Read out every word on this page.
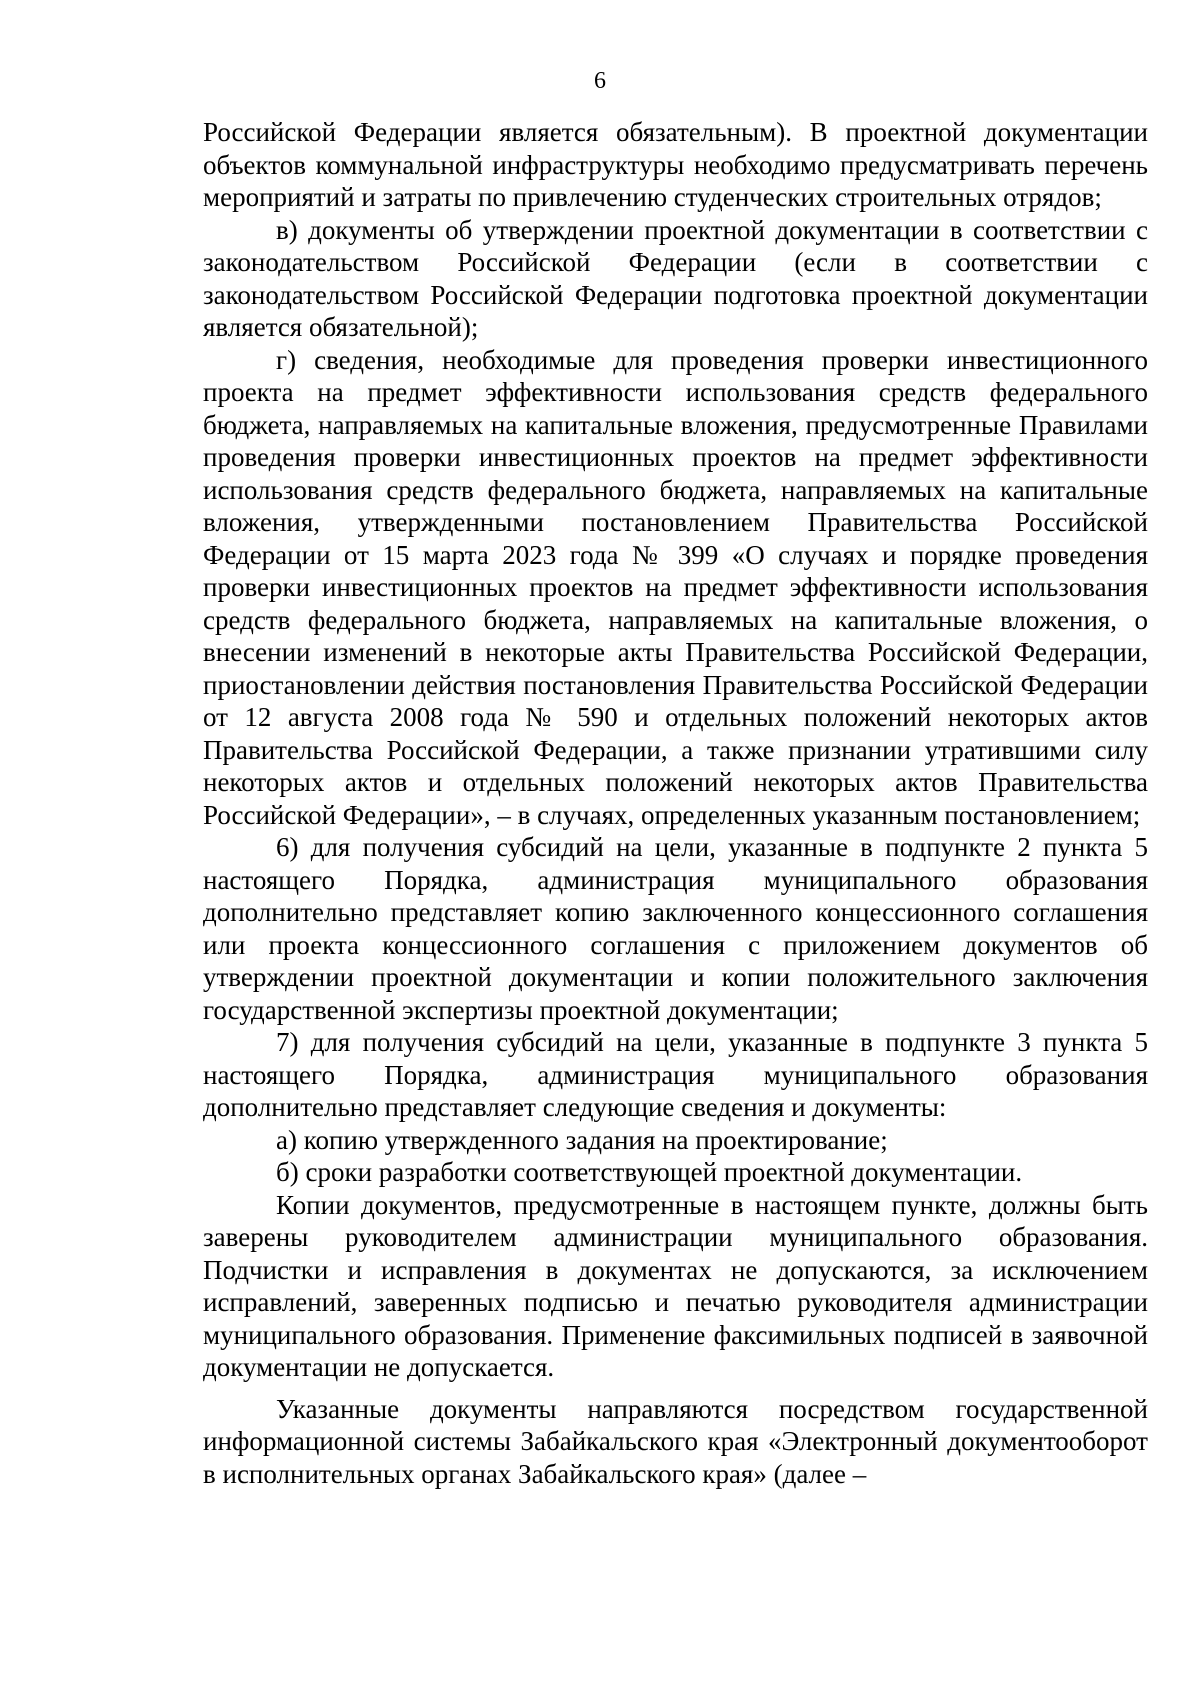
6

Российской Федерации является обязательным). В проектной документации объектов коммунальной инфраструктуры необходимо предусматривать перечень мероприятий и затраты по привлечению студенческих строительных отрядов;

в) документы об утверждении проектной документации в соответствии с законодательством Российской Федерации (если в соответствии с законодательством Российской Федерации подготовка проектной документации является обязательной);

г) сведения, необходимые для проведения проверки инвестиционного проекта на предмет эффективности использования средств федерального бюджета, направляемых на капитальные вложения, предусмотренные Правилами проведения проверки инвестиционных проектов на предмет эффективности использования средств федерального бюджета, направляемых на капитальные вложения, утвержденными постановлением Правительства Российской Федерации от 15 марта 2023 года № 399 «О случаях и порядке проведения проверки инвестиционных проектов на предмет эффективности использования средств федерального бюджета, направляемых на капитальные вложения, о внесении изменений в некоторые акты Правительства Российской Федерации, приостановлении действия постановления Правительства Российской Федерации от 12 августа 2008 года № 590 и отдельных положений некоторых актов Правительства Российской Федерации, а также признании утратившими силу некоторых актов и отдельных положений некоторых актов Правительства Российской Федерации», – в случаях, определенных указанным постановлением;

6) для получения субсидий на цели, указанные в подпункте 2 пункта 5 настоящего Порядка, администрация муниципального образования дополнительно представляет копию заключенного концессионного соглашения или проекта концессионного соглашения с приложением документов об утверждении проектной документации и копии положительного заключения государственной экспертизы проектной документации;

7) для получения субсидий на цели, указанные в подпункте 3 пункта 5 настоящего Порядка, администрация муниципального образования дополнительно представляет следующие сведения и документы:

а) копию утвержденного задания на проектирование;

б) сроки разработки соответствующей проектной документации.

Копии документов, предусмотренные в настоящем пункте, должны быть заверены руководителем администрации муниципального образования. Подчистки и исправления в документах не допускаются, за исключением исправлений, заверенных подписью и печатью руководителя администрации муниципального образования. Применение факсимильных подписей в заявочной документации не допускается.

Указанные документы направляются посредством государственной информационной системы Забайкальского края «Электронный документооборот в исполнительных органах Забайкальского края» (далее –
